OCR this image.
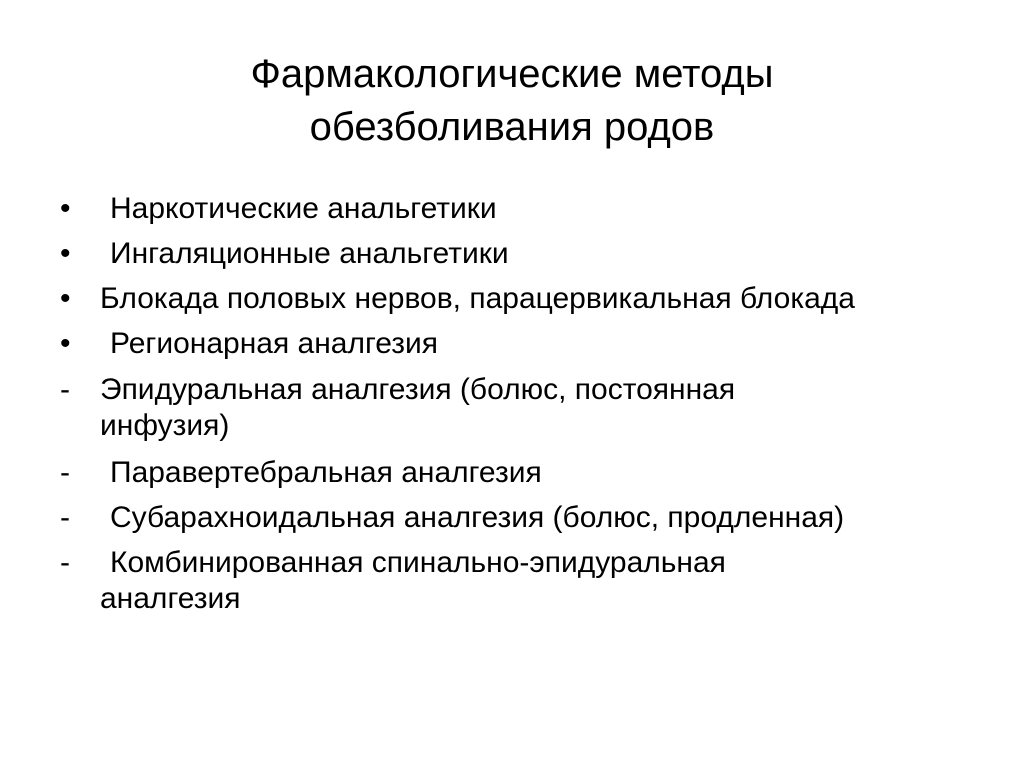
Фармакологические методы
обезболивания родов
•	Наркотические анальгетики
•	Ингаляционные анальгетики
• Блокада половых нервов, парацервикальная блокада
•	Регионарная аналгезия
-	Эпидуральная аналгезия (болюс, постоянная инфузия)
-	Паравертебральная аналгезия
-	Субарахноидальная аналгезия (болюс, продленная)
-	Комбинированная спинально-эпидуральная аналгезия
